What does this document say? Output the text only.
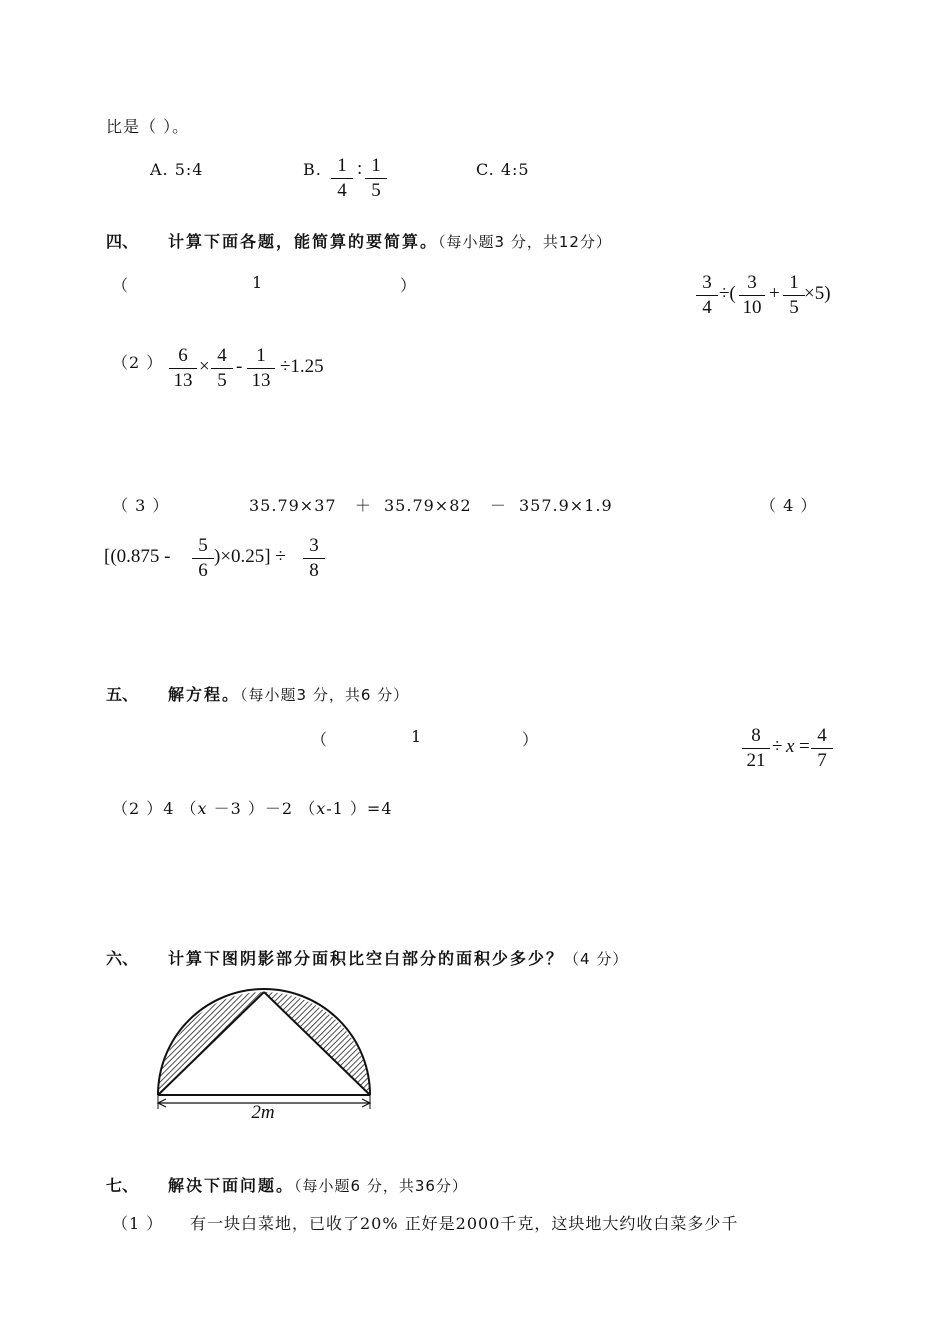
比是（ ）。
A. 5:4	B. 1
4
: 1
5
C. 4:5
四、 计算下面各题，能简算的要简算。（每小题3 分，共12分）
（	1	）	3
4
÷(
3
10
+
1
5
×5)
（2 ） 6
13
×
4
5
-
1
13
÷1.25
（ 3 ）	35.79×37   ＋  35.79×82   －  357.9×1.9	（ 4 ）
[(0.875 -
5
6
)×0.25] ÷
3
8
五、 解方程。（每小题3 分，共6 分）
（	1	）	8
21
÷ x =
4
7
（2 ）4 （x －3 ）－2 （x-1 ）=4
六、 计算下图阴影部分面积比空白部分的面积少多少？（4 分）
2m
七、 解决下面问题。（每小题6 分，共36分）
（1 ） 有一块白菜地，已收了20% 正好是2000千克，这块地大约收白菜多少千
